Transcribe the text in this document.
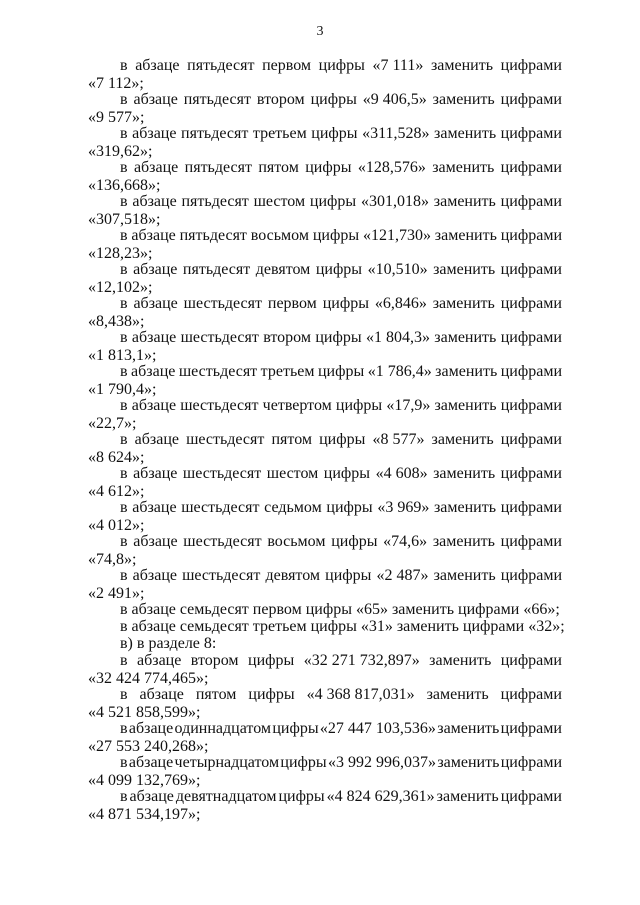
3
в абзаце пятьдесят первом цифры «7 111» заменить цифрами
«7 112»;
в абзаце пятьдесят втором цифры «9 406,5» заменить цифрами
«9 577»;
в абзаце пятьдесят третьем цифры «311,528» заменить цифрами
«319,62»;
в абзаце пятьдесят пятом цифры «128,576» заменить цифрами
«136,668»;
в абзаце пятьдесят шестом цифры «301,018» заменить цифрами
«307,518»;
в абзаце пятьдесят восьмом цифры «121,730» заменить цифрами
«128,23»;
в абзаце пятьдесят девятом цифры «10,510» заменить цифрами
«12,102»;
в абзаце шестьдесят первом цифры «6,846» заменить цифрами
«8,438»;
в абзаце шестьдесят втором цифры «1 804,3» заменить цифрами
«1 813,1»;
в абзаце шестьдесят третьем цифры «1 786,4» заменить цифрами
«1 790,4»;
в абзаце шестьдесят четвертом цифры «17,9» заменить цифрами
«22,7»;
в абзаце шестьдесят пятом цифры «8 577» заменить цифрами
«8 624»;
в абзаце шестьдесят шестом цифры «4 608» заменить цифрами
«4 612»;
в абзаце шестьдесят седьмом цифры «3 969» заменить цифрами
«4 012»;
в абзаце шестьдесят восьмом цифры «74,6» заменить цифрами
«74,8»;
в абзаце шестьдесят девятом цифры «2 487» заменить цифрами
«2 491»;
в абзаце семьдесят первом цифры «65» заменить цифрами «66»;
в абзаце семьдесят третьем цифры «31» заменить цифрами «32»;
в) в разделе 8:
в абзаце втором цифры «32 271 732,897» заменить цифрами
«32 424 774,465»;
в абзаце пятом цифры «4 368 817,031» заменить цифрами
«4 521 858,599»;
в абзаце одиннадцатом цифры «27 447 103,536» заменить цифрами
«27 553 240,268»;
в абзаце четырнадцатом цифры «3 992 996,037» заменить цифрами
«4 099 132,769»;
в абзаце девятнадцатом цифры «4 824 629,361» заменить цифрами
«4 871 534,197»;
